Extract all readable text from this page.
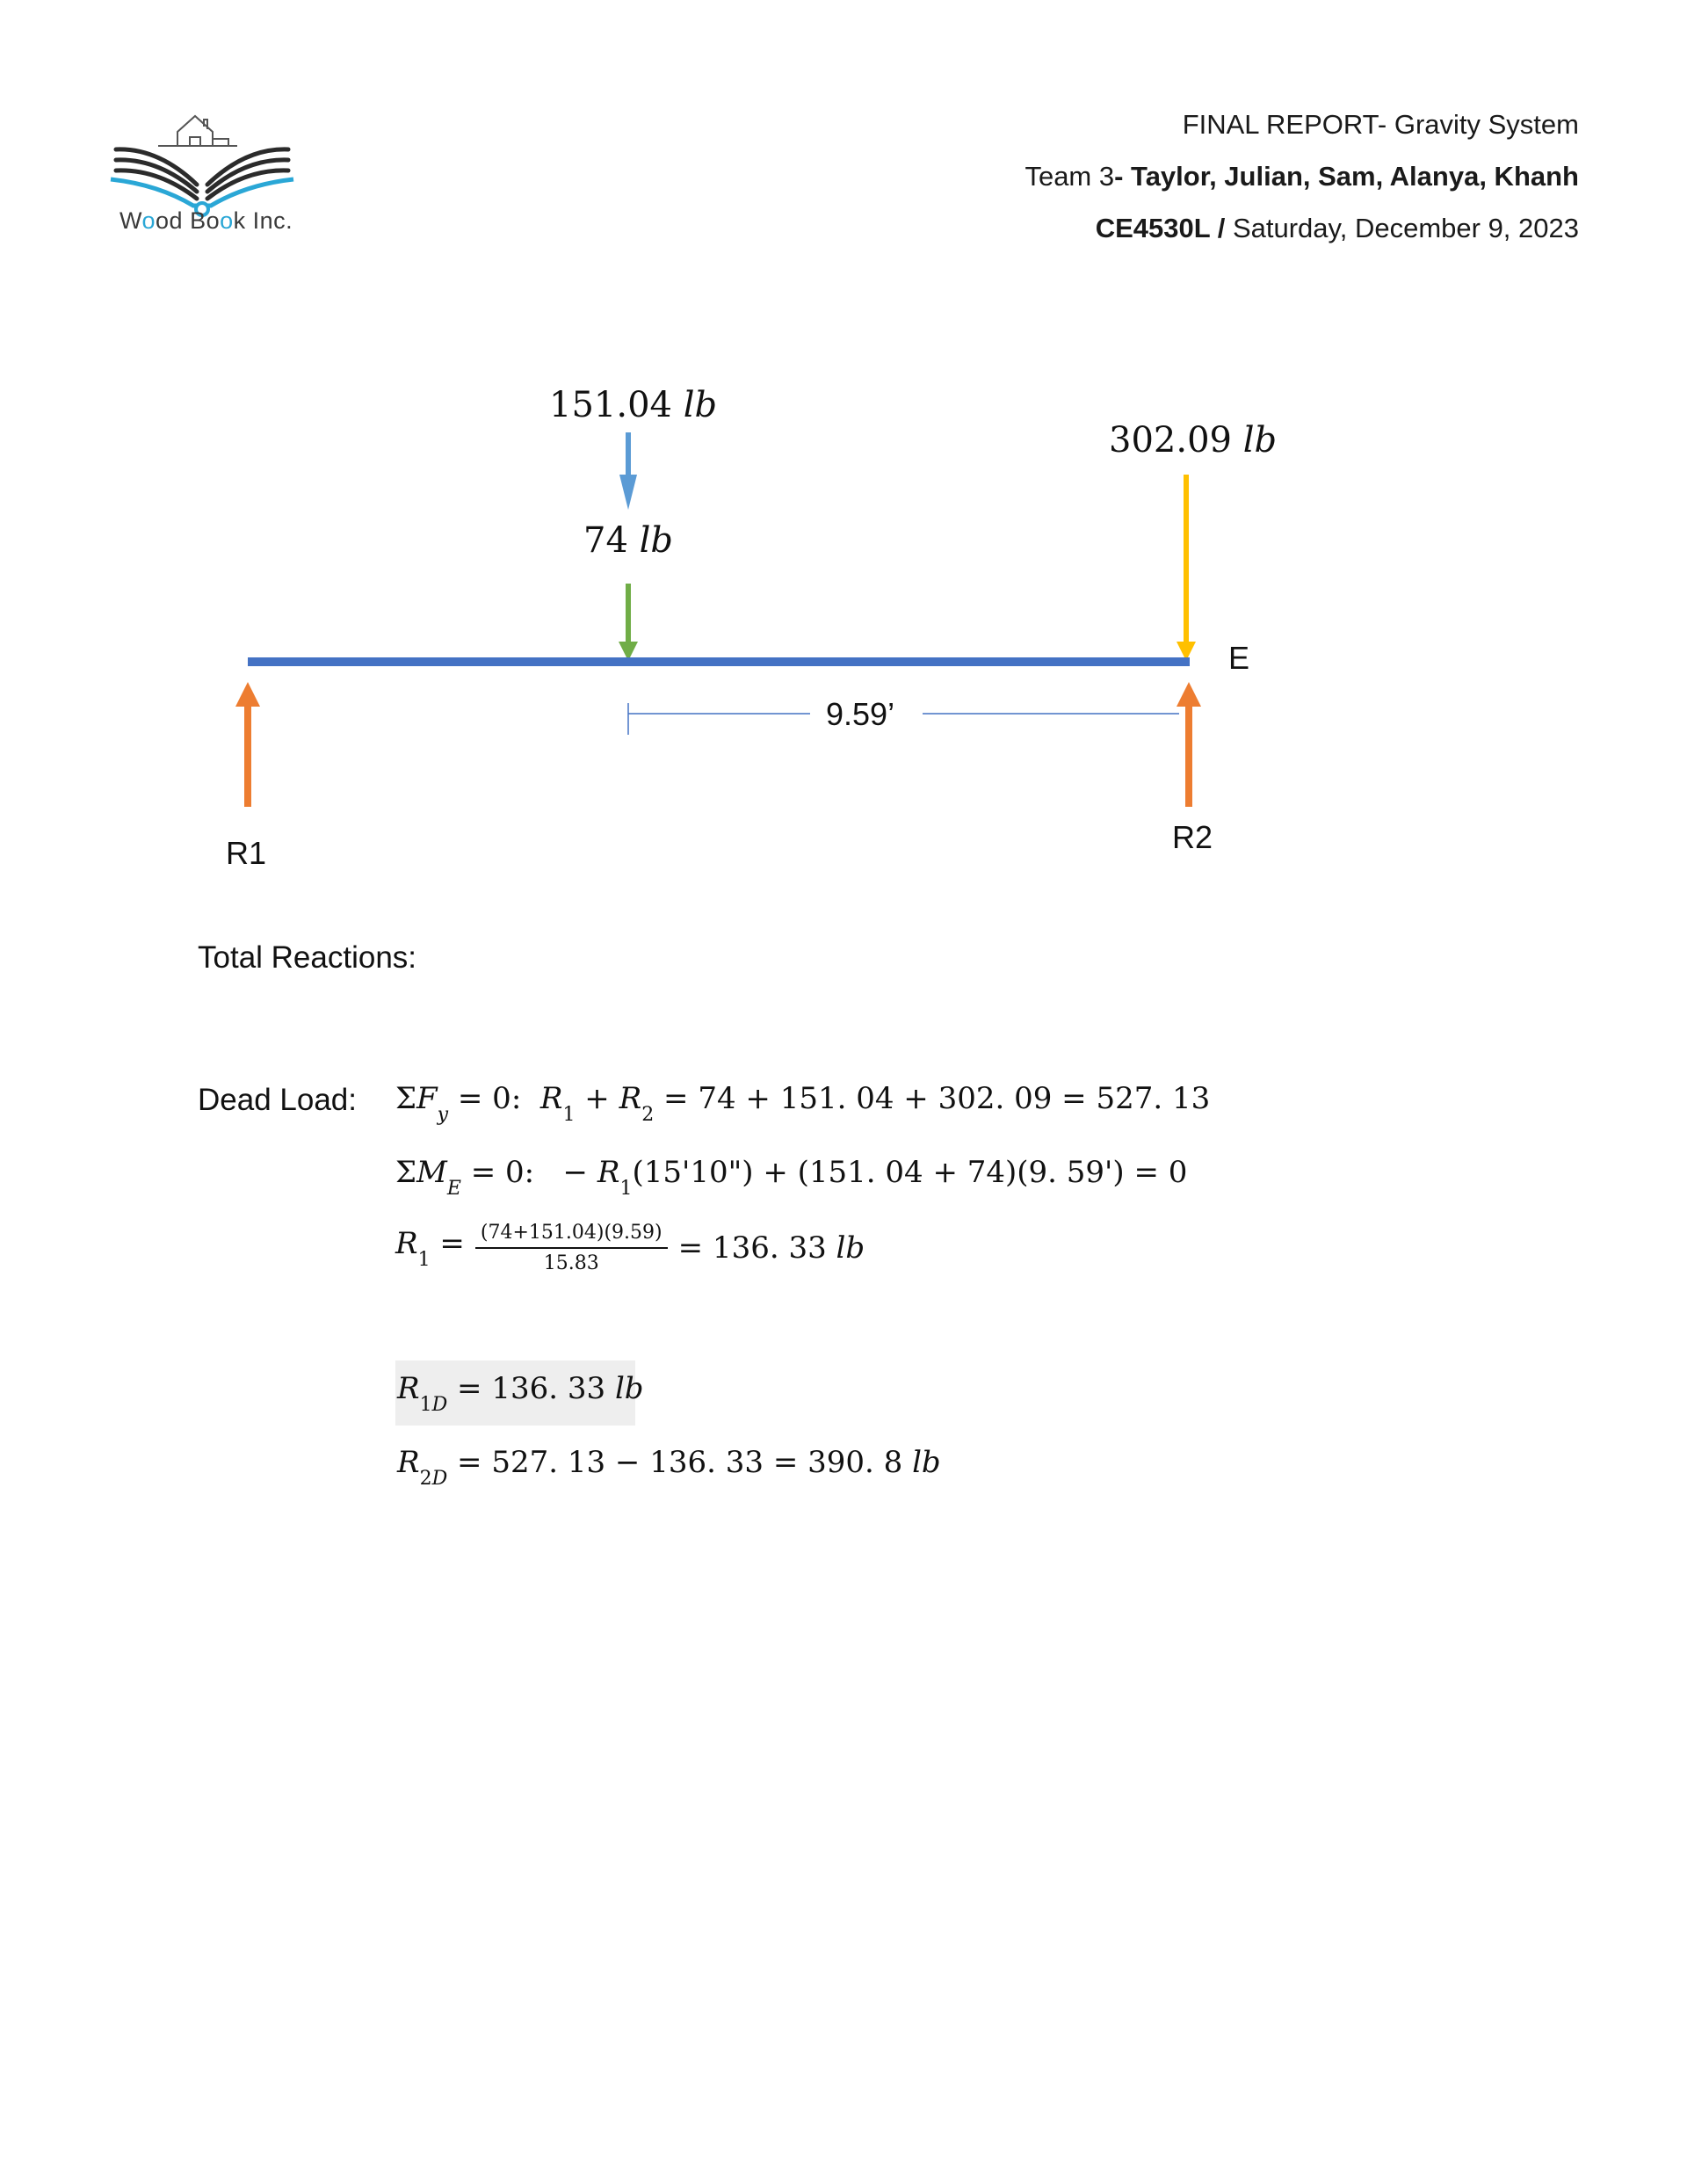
Wood Book Inc.
FINAL REPORT- Gravity System
Team 3- Taylor, Julian, Sam, Alanya, Khanh
CE4530L / Saturday, December 9, 2023
151.04 lb
74 lb
302.09 lb
E
9.59’
R1	R2
Total Reactions:
Dead Load: $\Sigma F_y = 0$:  $R_1 + R_2 = 74 + 151$. 04 + 302. 09 = 527. 13
$\Sigma M_E = 0$:   − $R_1(15'10") + (151$. 04 + 74)(9. 59') = 0
$R_1 = \frac{(74+151.04)(9.59)}{15.83} = 136$. 33
lb
$R_{1D} = 136$. 33 lb
$R_{2D} = 527$. 13 − 136. 33 = 390. 8 lb
